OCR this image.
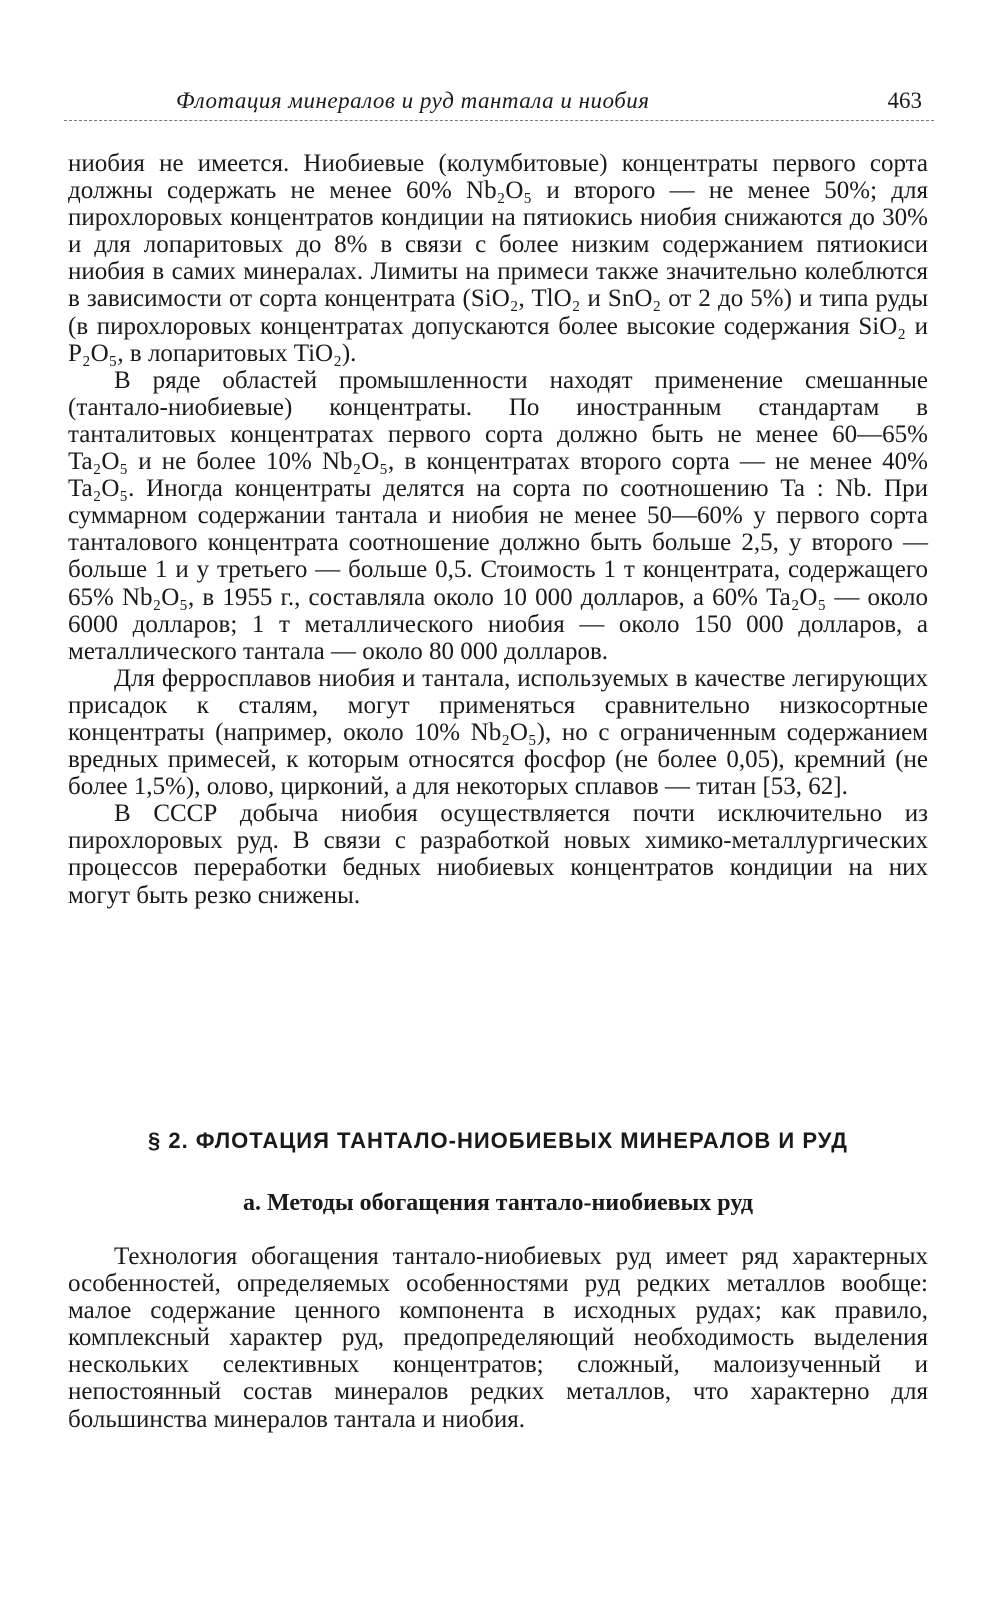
Флотация минералов и руд тантала и ниобия	463

ниобия не имеется. Ниобиевые (колумбитовые) концентраты первого сорта должны содержать не менее 60% Nb₂O₅ и второго — не менее 50%; для пирохлоровых концентратов кондиции на пятиокись ниобия снижаются до 30% и для лопаритовых до 8% в связи с более низким содержанием пятиокиси ниобия в самих минералах. Лимиты на примеси также значительно колеблются в зависимости от сорта концентрата (SiO₂, TlO₂ и SnO₂ от 2 до 5%) и типа руды (в пирохлоровых концентратах допускаются более высокие содержания SiO₂ и P₂O₅, в лопаритовых TiO₂).

В ряде областей промышленности находят применение смешанные (тантало-ниобиевые) концентраты. По иностранным стандартам в танталитовых концентратах первого сорта должно быть не менее 60—65% Ta₂O₅ и не более 10% Nb₂O₅, в концентратах второго сорта — не менее 40% Ta₂O₅. Иногда концентраты делятся на сорта по соотношению Ta : Nb. При суммарном содержании тантала и ниобия не менее 50—60% у первого сорта танталового концентрата соотношение должно быть больше 2,5, у второго — больше 1 и у третьего — больше 0,5. Стоимость 1 т концентрата, содержащего 65% Nb₂O₅, в 1955 г., составляла около 10 000 долларов, а 60% Ta₂O₅ — около 6000 долларов; 1 т металлического ниобия — около 150 000 долларов, а металлического тантала — около 80 000 долларов.

Для ферросплавов ниобия и тантала, используемых в качестве легирующих присадок к сталям, могут применяться сравнительно низкосортные концентраты (например, около 10% Nb₂O₅), но с ограниченным содержанием вредных примесей, к которым относятся фосфор (не более 0,05), кремний (не более 1,5%), олово, цирконий, а для некоторых сплавов — титан [53, 62].

В СССР добыча ниобия осуществляется почти исключительно из пирохлоровых руд. В связи с разработкой новых химико-металлургических процессов переработки бедных ниобиевых концентратов кондиции на них могут быть резко снижены.

§ 2. ФЛОТАЦИЯ ТАНТАЛО-НИОБИЕВЫХ МИНЕРАЛОВ И РУД
а. Методы обогащения тантало-ниобиевых руд

Технология обогащения тантало-ниобиевых руд имеет ряд характерных особенностей, определяемых особенностями руд редких металлов вообще: малое содержание ценного компонента в исходных рудах; как правило, комплексный характер руд, предопределяющий необходимость выделения нескольких селективных концентратов; сложный, малоизученный и непостоянный состав минералов редких металлов, что характерно для большинства минералов тантала и ниобия.
